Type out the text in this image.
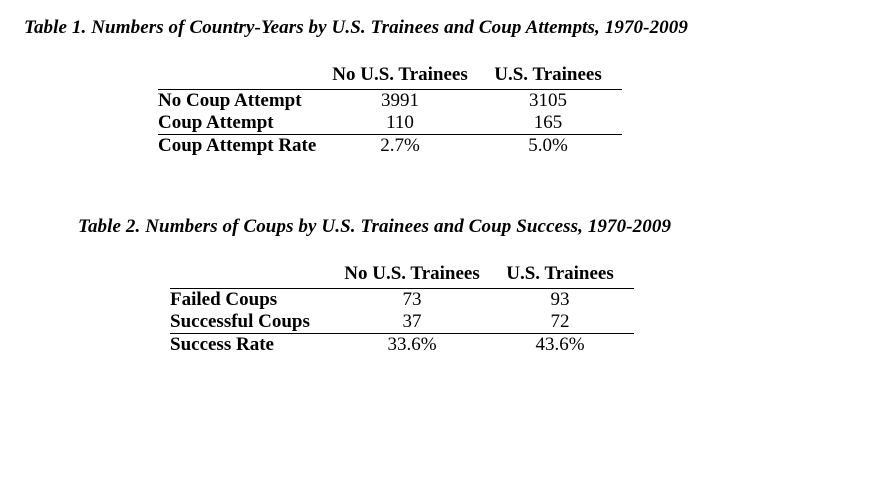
Table 1. Numbers of Country-Years by U.S. Trainees and Coup Attempts, 1970-2009
	No U.S. Trainees	U.S. Trainees
No Coup Attempt	3991	3105
Coup Attempt	110	165
Coup Attempt Rate	2.7%	5.0%
Table 2. Numbers of Coups by U.S. Trainees and Coup Success, 1970-2009
	No U.S. Trainees	U.S. Trainees
Failed Coups	73	93
Successful Coups	37	72
Success Rate	33.6%	43.6%
